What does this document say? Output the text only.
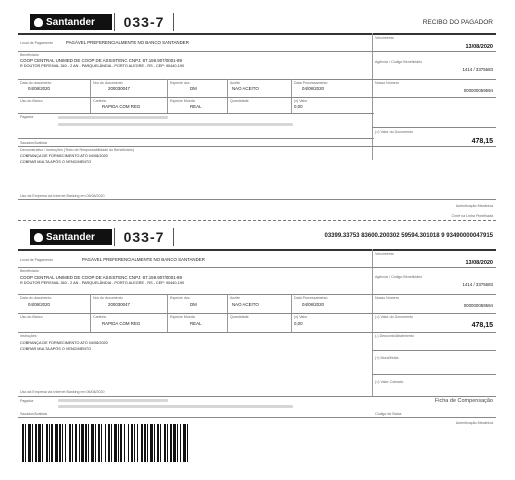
Santander	033-7	RECIBO DO PAGADOR
Local de Pagamento	PAGÁVEL PREFERENCIALMENTE NO BANCO SANTANDER
Vencimento
13/08/2020
Beneficiário
COOP CENTRAL UNIMED DE COOP DE ASSISTENC CNPJ: 87.159.907/0001-89
R DOUTOR PERSIVAL 340 - 2 AN - PARQUELÂNDIA - PORTO ALEGRE - RS - CEP: 90440-190
Agência / Código Beneficiário
1414 / 3375683
Data do documento
04/08/2020
Nro do documento
200030047
Espécie doc.
DM
Aceite
NAO ACEITO
Data Processamento
04/08/2020
Nosso Número
000000059594
Uso do Banco	Carteira
RAPIDA COM REG
Espécie Moeda
REAL
Quantidade	(x) Valor
0,00
(=) Valor do Documento
478,15
Pagador
Sacador/Avalista
Demonstrativo / Instruções (Texto de Responsabilidade do Beneficiário)
COBRANÇA DE FORNECIMENTO ATO 04/08/2020
COBRAR MULTA APÓS O VENCIMENTO
Uso da Empresa via Internet Banking em 06/08/2020
Autenticação Mecânica
Corte na Linha Pontilhada
Santander	033-7	03399.33753 83600.200302 59594.301018 9 93490000047915
Local de Pagamento	PAGÁVEL PREFERENCIALMENTE NO BANCO SANTANDER
Vencimento
13/08/2020
Beneficiário
COOP CENTRAL UNIMED DE COOP DE ASSISTENC CNPJ: 87.159.907/0001-89
R DOUTOR PERSIVAL 340 - 2 AN - PARQUELÂNDIA - PORTO ALEGRE - RS - CEP: 90440-190
Agência / Código Beneficiário
1414 / 3375683
Data do documento
04/08/2020
Nro do documento
200030047
Espécie doc.
DM
Aceite
NAO ACEITO
Data Processamento
04/08/2020
Nosso Número
000000059594
Uso do Banco	Carteira
RAPIDA COM REG
Espécie Moeda
REAL
Quantidade	(x) Valor
0,00
(=) Valor do Documento
478,15
Instruções
COBRANÇA DE FORNECIMENTO ATO 04/08/2020
COBRAR MULTA APÓS O VENCIMENTO
(-) Desconto/Abatimento
(+) Mora/Multa
(=) Valor Cobrado
Uso da Empresa via Internet Banking em 06/08/2020
Pagador	Ficha de Compensação
Sacador/Avalista	Código de Baixa
Autenticação Mecânica
